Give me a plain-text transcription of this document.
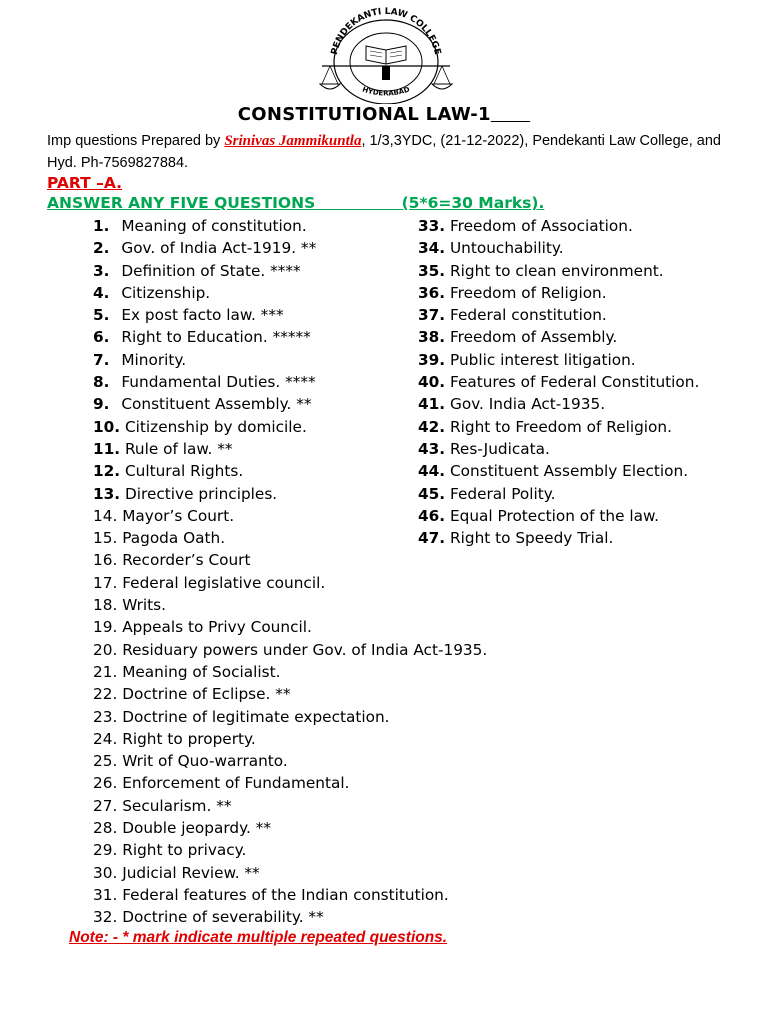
PENDEKANTI LAW COLLEGE
HYDERABAD
CONSTITUTIONAL LAW-1
Imp questions Prepared by Srinivas Jammikuntla, 1/3,3YDC, (21-12-2022), Pendekanti Law College, and Hyd. Ph-7569827884.
PART –A.
ANSWER ANY FIVE QUESTIONS	(5*6=30 Marks).
1. Meaning of constitution.
2. Gov. of India Act-1919. **
3. Definition of State. ****
4. Citizenship.
5. Ex post facto law. ***
6. Right to Education. *****
7. Minority.
8. Fundamental Duties. ****
9. Constituent Assembly. **
10. Citizenship by domicile.
11. Rule of law. **
12. Cultural Rights.
13. Directive principles.
14. Mayor’s Court.
15. Pagoda Oath.
16. Recorder’s Court
17. Federal legislative council.
18. Writs.
19. Appeals to Privy Council.
20. Residuary powers under Gov. of India Act-1935.
21. Meaning of Socialist.
22. Doctrine of Eclipse. **
23. Doctrine of legitimate expectation.
24. Right to property.
25. Writ of Quo-warranto.
26. Enforcement of Fundamental.
27. Secularism. **
28. Double jeopardy. **
29. Right to privacy.
30. Judicial Review. **
31. Federal features of the Indian constitution.
32. Doctrine of severability. **
33. Freedom of Association.
34. Untouchability.
35. Right to clean environment.
36. Freedom of Religion.
37. Federal constitution.
38. Freedom of Assembly.
39. Public interest litigation.
40. Features of Federal Constitution.
41. Gov. India Act-1935.
42. Right to Freedom of Religion.
43. Res-Judicata.
44. Constituent Assembly Election.
45. Federal Polity.
46. Equal Protection of the law.
47. Right to Speedy Trial.
Note: - * mark indicate multiple repeated questions.
